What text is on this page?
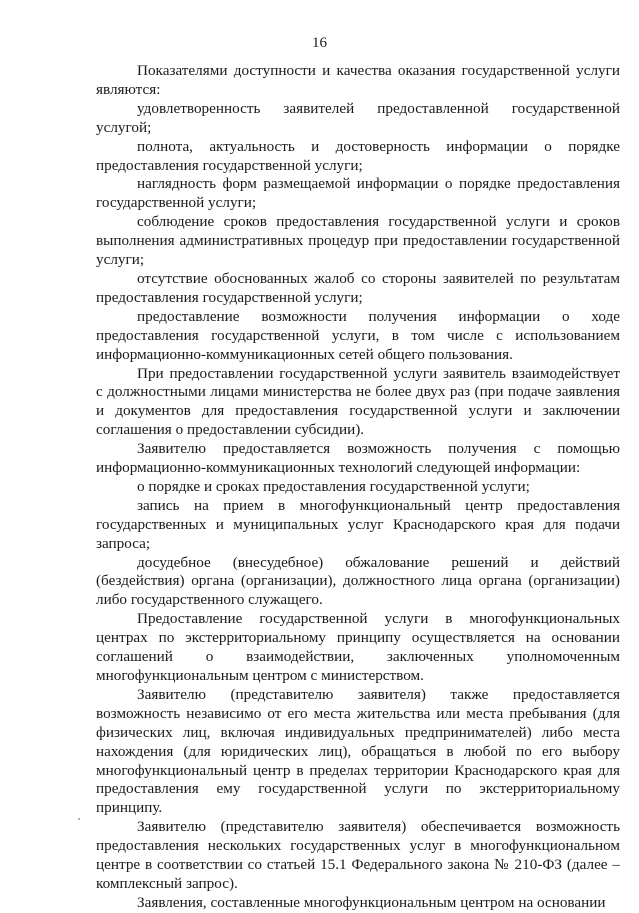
16

Показателями доступности и качества оказания государственной услуги являются:

удовлетворенность заявителей предоставленной государственной услугой;

полнота, актуальность и достоверность информации о порядке предоставления государственной услуги;

наглядность форм размещаемой информации о порядке предоставления государственной услуги;

соблюдение сроков предоставления государственной услуги и сроков выполнения административных процедур при предоставлении государственной услуги;

отсутствие обоснованных жалоб со стороны заявителей по результатам предоставления государственной услуги;

предоставление возможности получения информации о ходе предоставления государственной услуги, в том числе с использованием информационно-коммуникационных сетей общего пользования.

При предоставлении государственной услуги заявитель взаимодействует с должностными лицами министерства не более двух раз (при подаче заявления и документов для предоставления государственной услуги и заключении соглашения о предоставлении субсидии).

Заявителю предоставляется возможность получения с помощью информационно-коммуникационных технологий следующей информации:

о порядке и сроках предоставления государственной услуги;

запись на прием в многофункциональный центр предоставления государственных и муниципальных услуг Краснодарского края для подачи запроса;

досудебное (внесудебное) обжалование решений и действий (бездействия) органа (организации), должностного лица органа (организации) либо государственного служащего.

Предоставление государственной услуги в многофункциональных центрах по экстерриториальному принципу осуществляется на основании соглашений о взаимодействии, заключенных уполномоченным многофункциональным центром с министерством.

Заявителю (представителю заявителя) также предоставляется возможность независимо от его места жительства или места пребывания (для физических лиц, включая индивидуальных предпринимателей) либо места нахождения (для юридических лиц), обращаться в любой по его выбору многофункциональный центр в пределах территории Краснодарского края для предоставления ему государственной услуги по экстерриториальному принципу.

Заявителю (представителю заявителя) обеспечивается возможность предоставления нескольких государственных услуг в многофункциональном центре в соответствии со статьей 15.1 Федерального закона № 210-ФЗ (далее – комплексный запрос).

Заявления, составленные многофункциональным центром на основании
